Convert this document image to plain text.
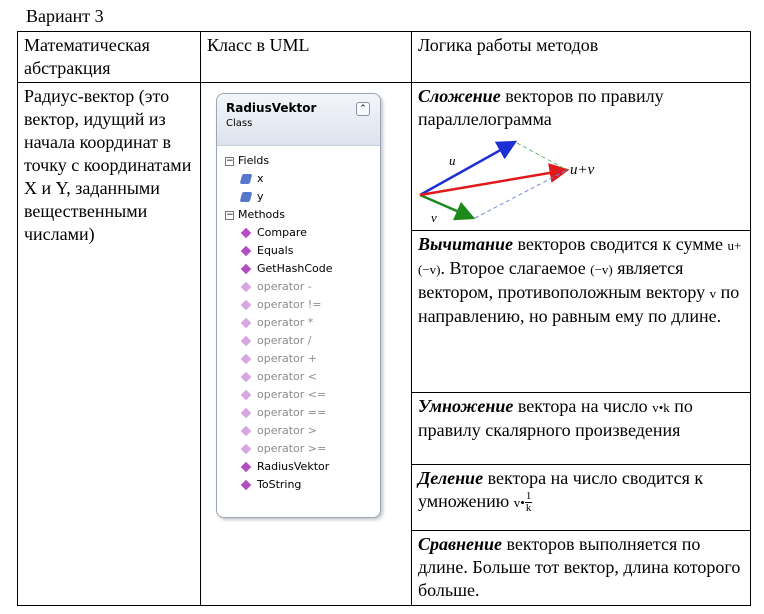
Вариант 3
Математическая абстракция	Класс в UML	Логика работы методов
Радиус-вектор (это вектор, идущий из начала координат в точку с координатами X и Y, заданными вещественными числами)		Сложение векторов по правилу параллелограмма
		Вычитание векторов сводится к сумме u+(−v). Второе слагаемое (−v) является вектором, противоположным вектору v по направлению, но равным ему по длине.
		Умножение вектора на число v•k по правилу скалярного произведения
		Деление вектора на число сводится к умножению v• $\frac{1}{k}$

		Сравнение векторов выполняется по длине. Больше тот вектор, длина которого больше.
u
v
u+v
RadiusVektor
Class
⌃
− Fields
x
y
− Methods
Compare
Equals
GetHashCode
operator -
operator !=
operator *
operator /
operator +
operator <
operator <=
operator ==
operator >
operator >=
RadiusVektor
ToString
